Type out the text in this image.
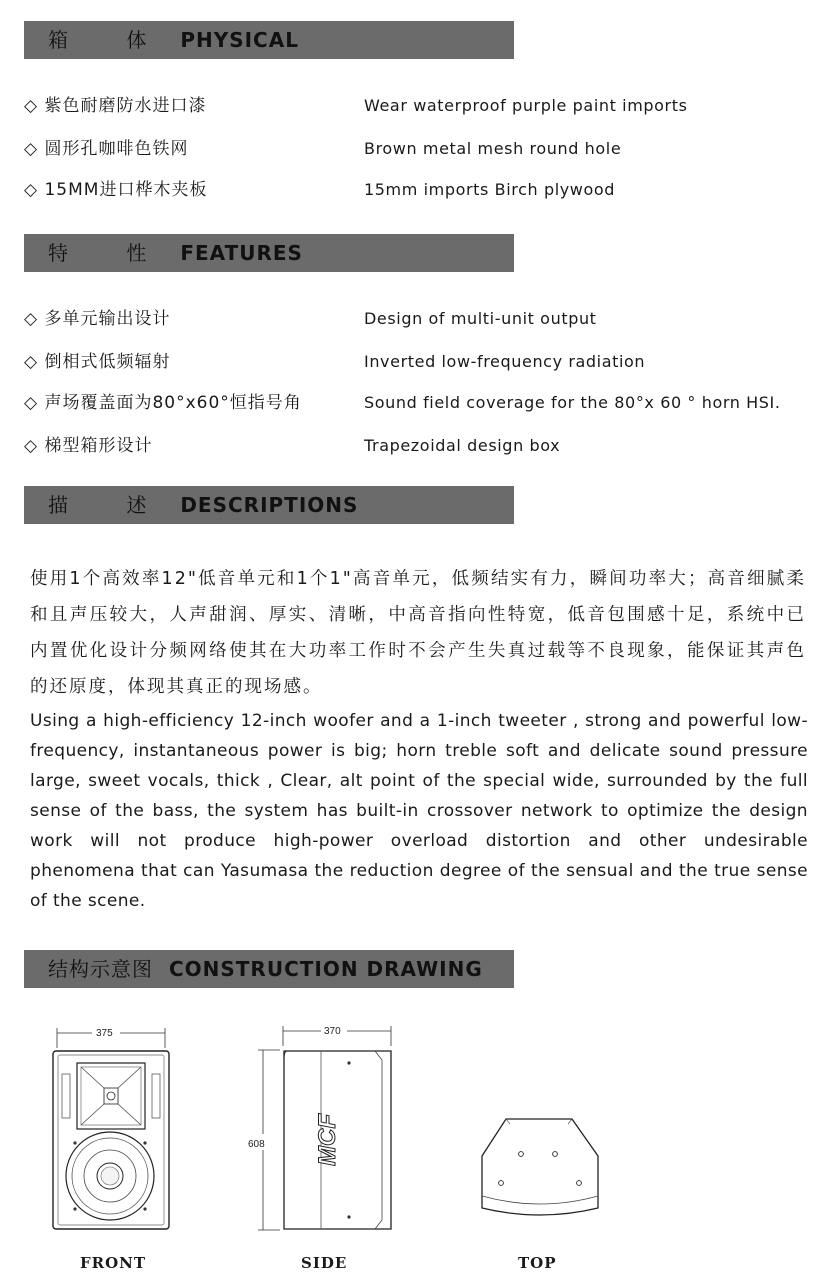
箱 体 PHYSICAL
◇ 紫色耐磨防水进口漆	Wear waterproof purple paint imports
◇ 圆形孔咖啡色铁网	Brown metal mesh round hole
◇ 15MM进口桦木夹板	15mm imports Birch plywood
特 性 FEATURES
◇ 多单元输出设计	Design of multi-unit output
◇ 倒相式低频辐射	Inverted low-frequency radiation
◇ 声场覆盖面为80°x60°恒指号角	Sound field coverage for the 80°x 60 ° horn HSI.
◇ 梯型箱形设计	Trapezoidal design box
描 述 DESCRIPTIONS

使用1个高效率12"低音单元和1个1"高音单元，低频结实有力，瞬间功率大；高音细腻柔和且声压较大，人声甜润、厚实、清晰，中高音指向性特宽，低音包围感十足，系统中已内置优化设计分频网络使其在大功率工作时不会产生失真过载等不良现象，能保证其声色的还原度，体现其真正的现场感。

Using a high-efficiency 12-inch woofer and a 1-inch tweeter , strong and powerful low-frequency, instantaneous power is big; horn treble soft and delicate sound pressure large, sweet vocals, thick , Clear, alt point of the special wide, surrounded by the full sense of the bass, the system has built-in crossover network to optimize the design work will not produce high-power overload distortion and other undesirable phenomena that can Yasumasa the reduction degree of the sensual and the true sense of the scene.

结构示意图 CONSTRUCTION DRAWING
375	370
608 MCF
FRONT	SIDE	TOP
